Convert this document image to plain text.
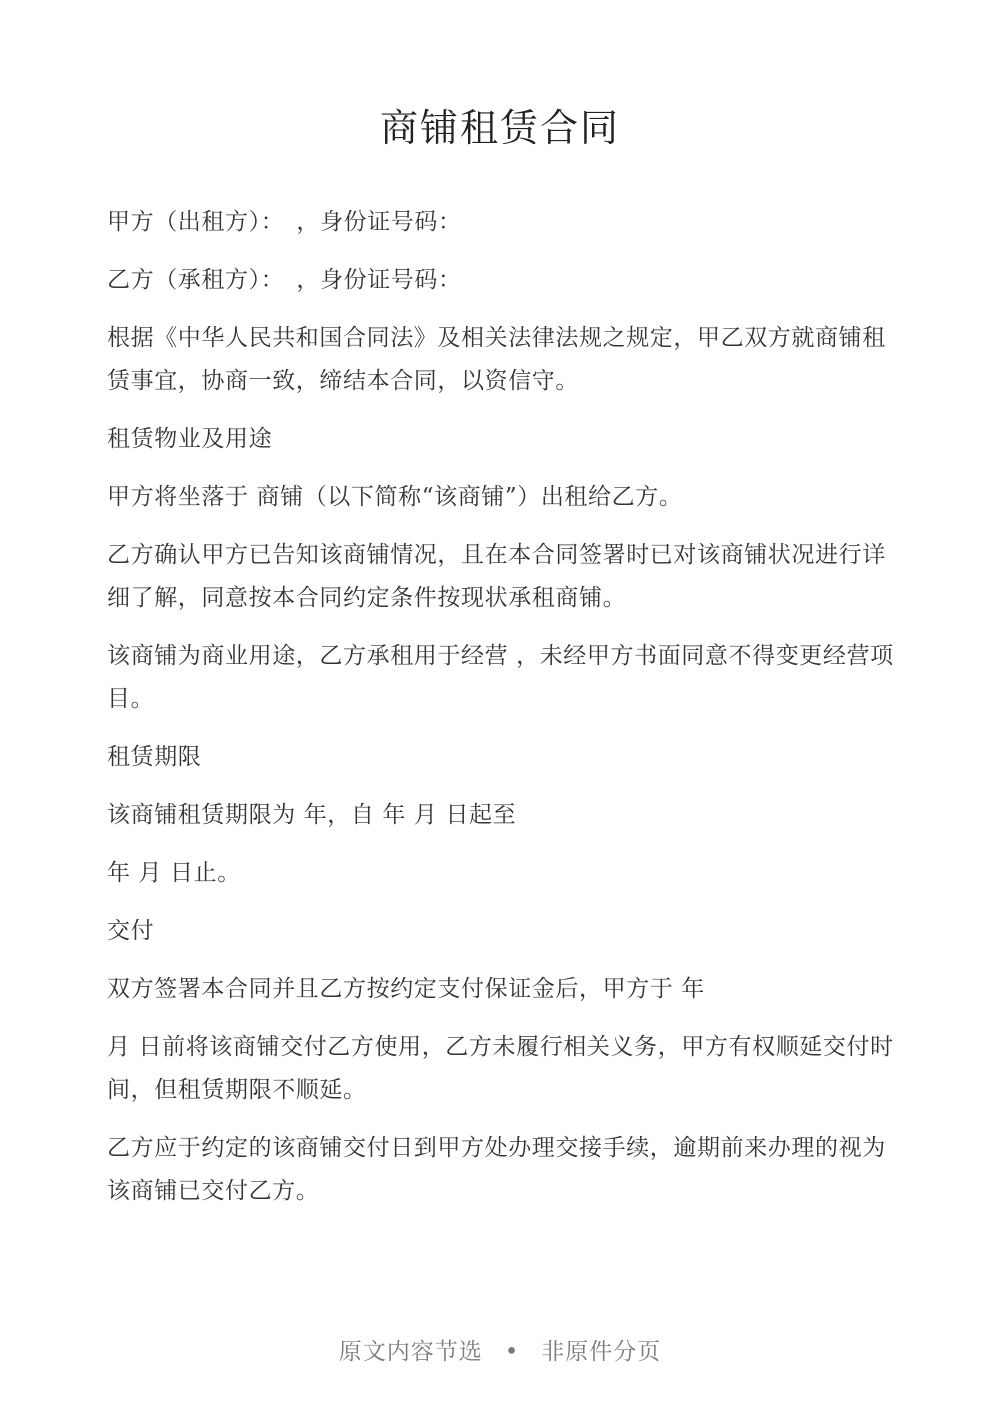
商铺租赁合同

甲方（出租方）：　，身份证号码：

乙方（承租方）：　，身份证号码：

根据《中华人民共和国合同法》及相关法律法规之规定，甲乙双方就商铺租赁事宜，协商一致，缔结本合同，以资信守。

租赁物业及用途

甲方将坐落于 商铺（以下简称“该商铺”）出租给乙方。

乙方确认甲方已告知该商铺情况，且在本合同签署时已对该商铺状况进行详细了解，同意按本合同约定条件按现状承租商铺。

该商铺为商业用途，乙方承租用于经营 ，未经甲方书面同意不得变更经营项目。

租赁期限

该商铺租赁期限为 年，自 年 月 日起至

年 月 日止。

交付

双方签署本合同并且乙方按约定支付保证金后，甲方于 年

月 日前将该商铺交付乙方使用，乙方未履行相关义务，甲方有权顺延交付时间，但租赁期限不顺延。

乙方应于约定的该商铺交付日到甲方处办理交接手续，逾期前来办理的视为该商铺已交付乙方。

原文内容节选 • 非原件分页
